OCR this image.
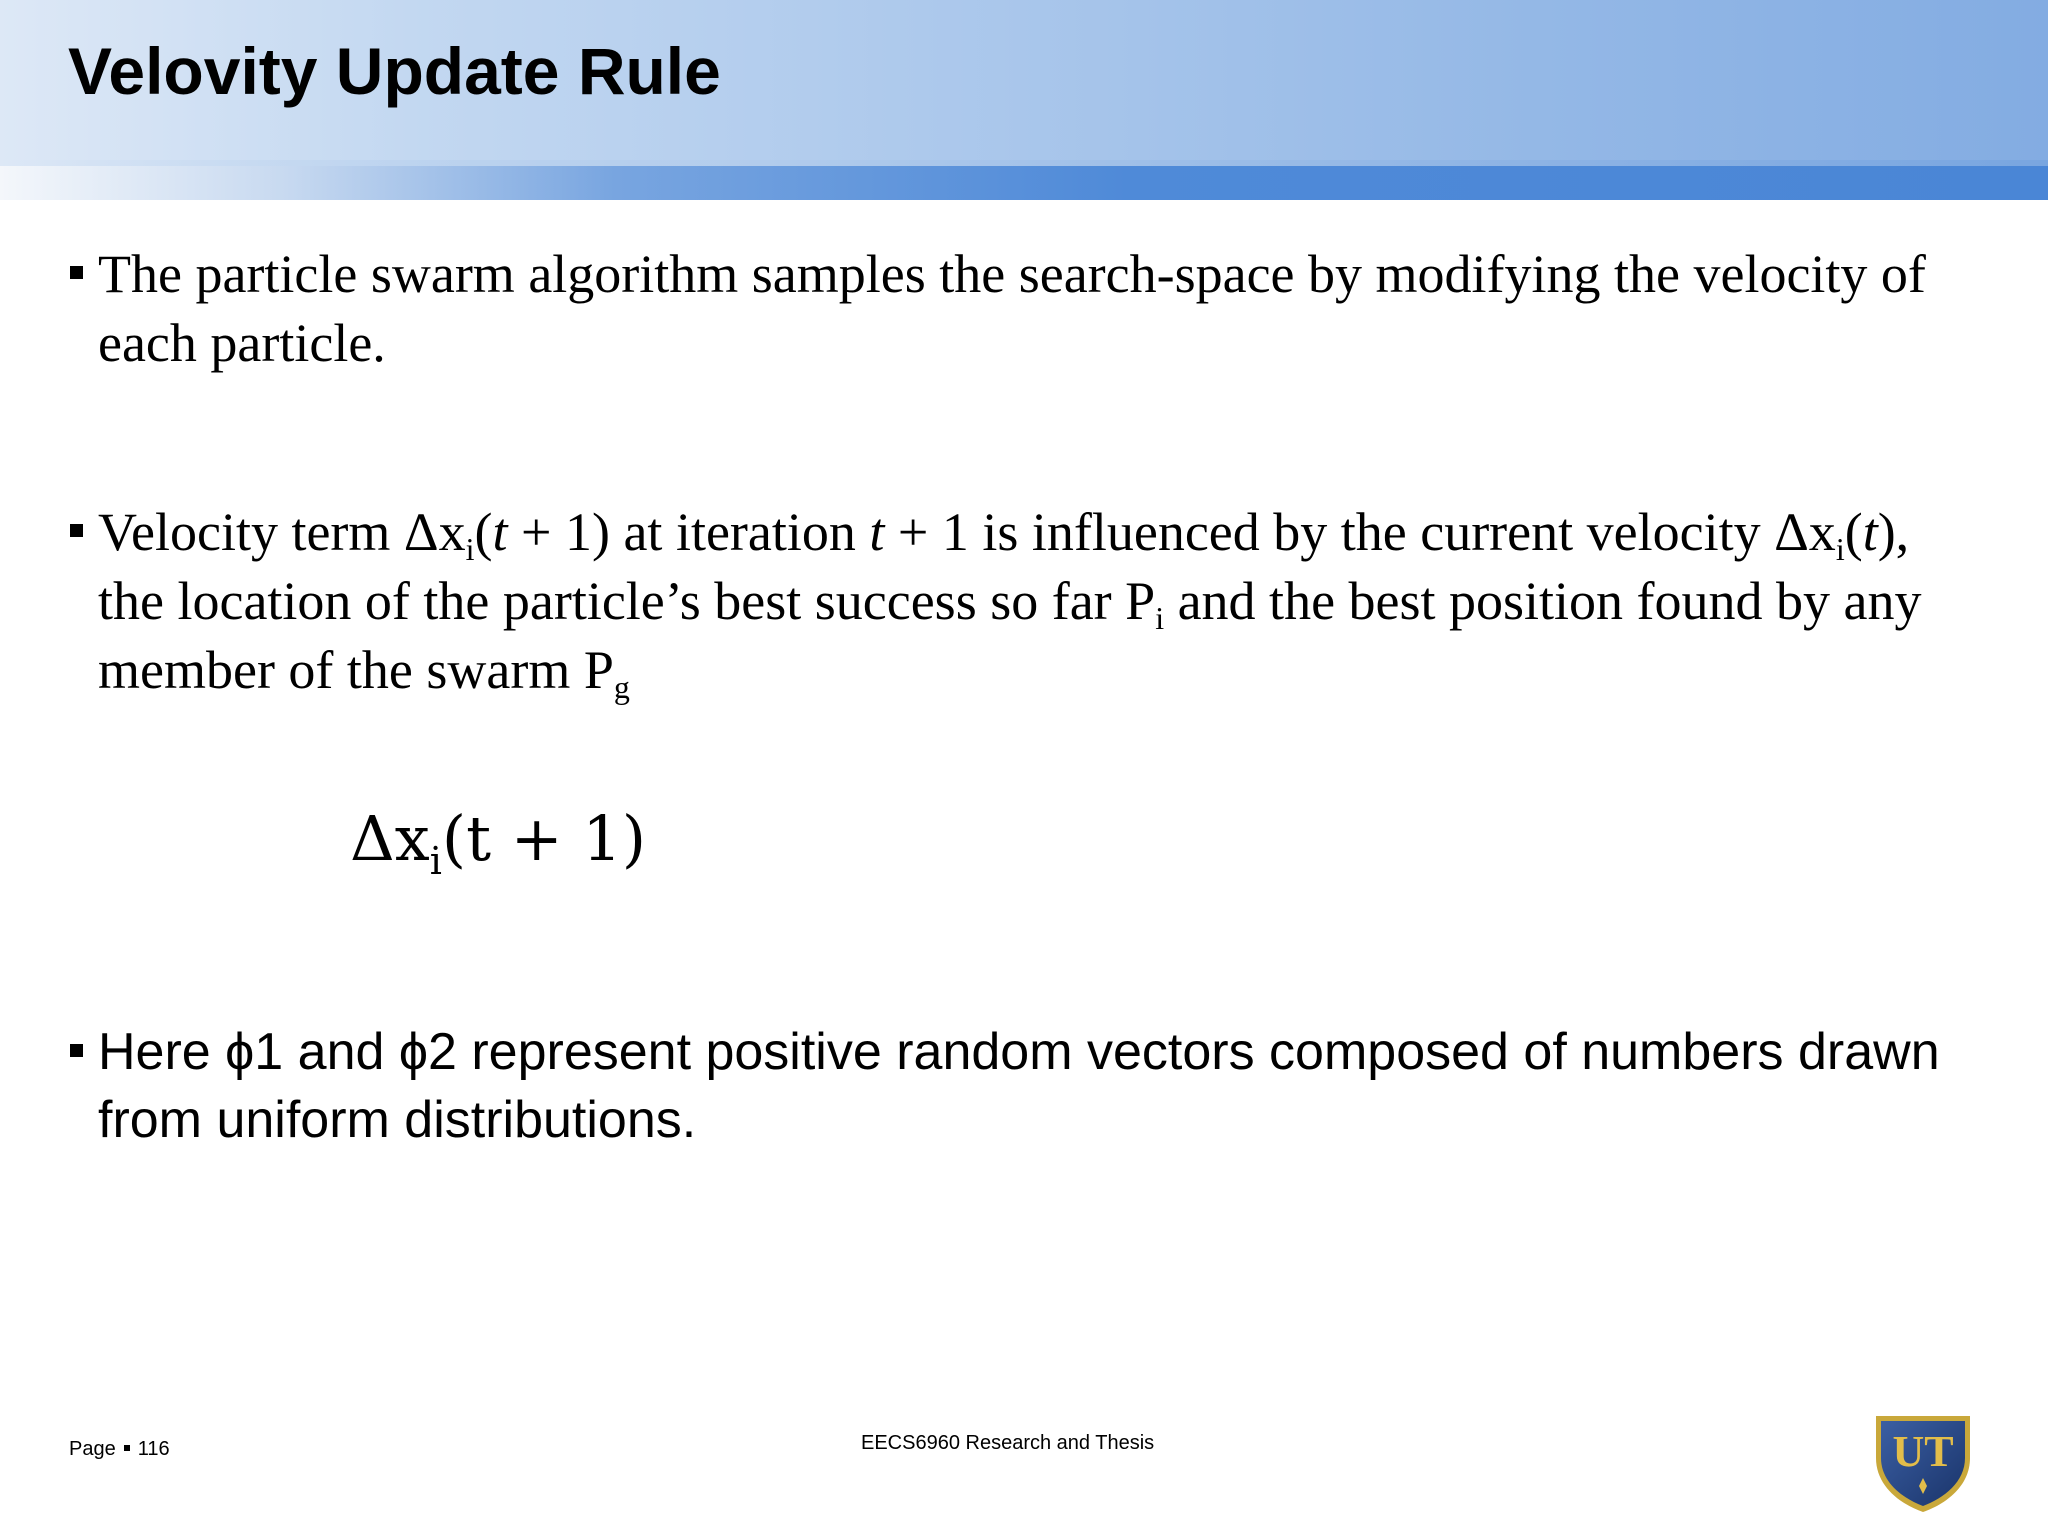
Velovity Update Rule
The particle swarm algorithm samples the search-space by modifying the velocity of each particle.
Velocity term $\Delta x_i(t + 1)$ at iteration t + 1 is influenced by the current velocity $\Delta x_i(t)$, the location of the particle’s best success so far $P_i$ and the best position found by any member of the swarm $P_g$
$\Delta x_i(t + 1)$
Here ϕ1 and ϕ2 represent positive random vectors composed of numbers drawn from uniform distributions.
Page 116	EECS6960 Research and Thesis	UT
